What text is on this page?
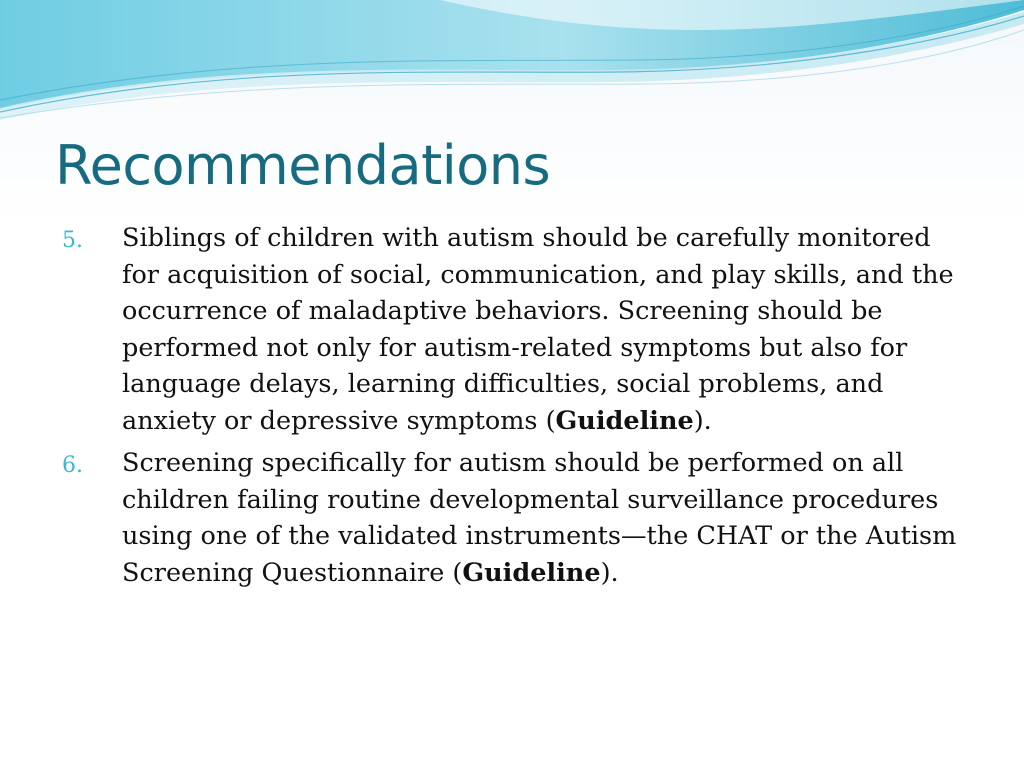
Recommendations
5. Siblings of children with autism should be carefully monitored for acquisition of social, communication, and play skills, and the occurrence of maladaptive behaviors. Screening should be performed not only for autism-related symptoms but also for language delays, learning difficulties, social problems, and anxiety or depressive symptoms (Guideline).
6. Screening specifically for autism should be performed on all children failing routine developmental surveillance procedures using one of the validated instruments—the CHAT or the Autism Screening Questionnaire (Guideline).
